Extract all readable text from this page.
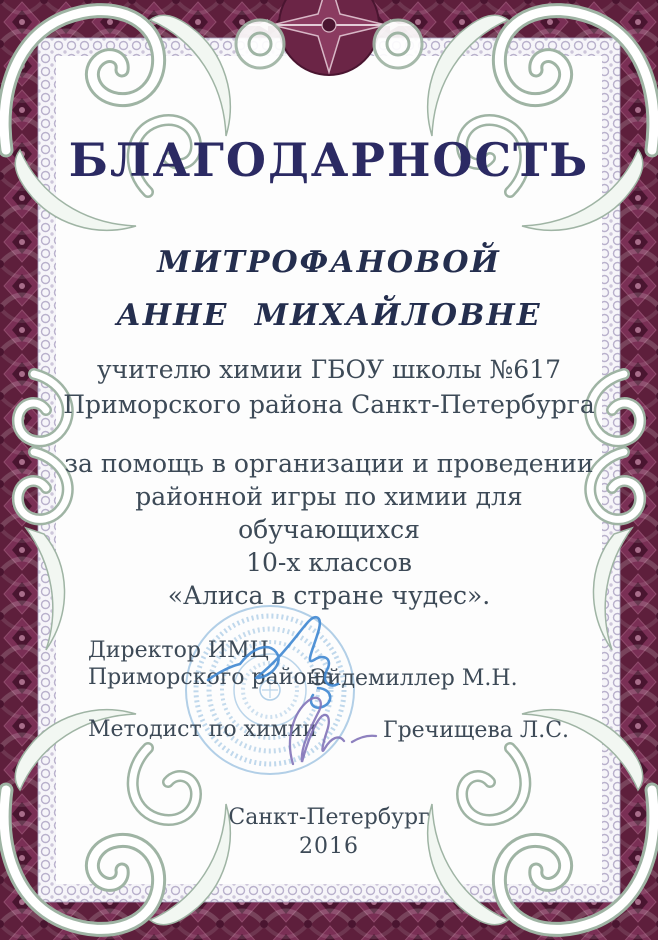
БЛАГОДАРНОСТЬ
МИТРОФАНОВОЙ
АННЕ МИХАЙЛОВНЕ
учителю химии ГБОУ школы №617
Приморского района Санкт-Петербурга
за помощь в организации и проведении
районной игры по химии для обучающихся
10-х классов
«Алиса в стране чудес».
Директор ИМЦ
Приморского района
Эйдемиллер М.Н.
Методист по химии	Гречищева Л.С.
Санкт-Петербург
2016
